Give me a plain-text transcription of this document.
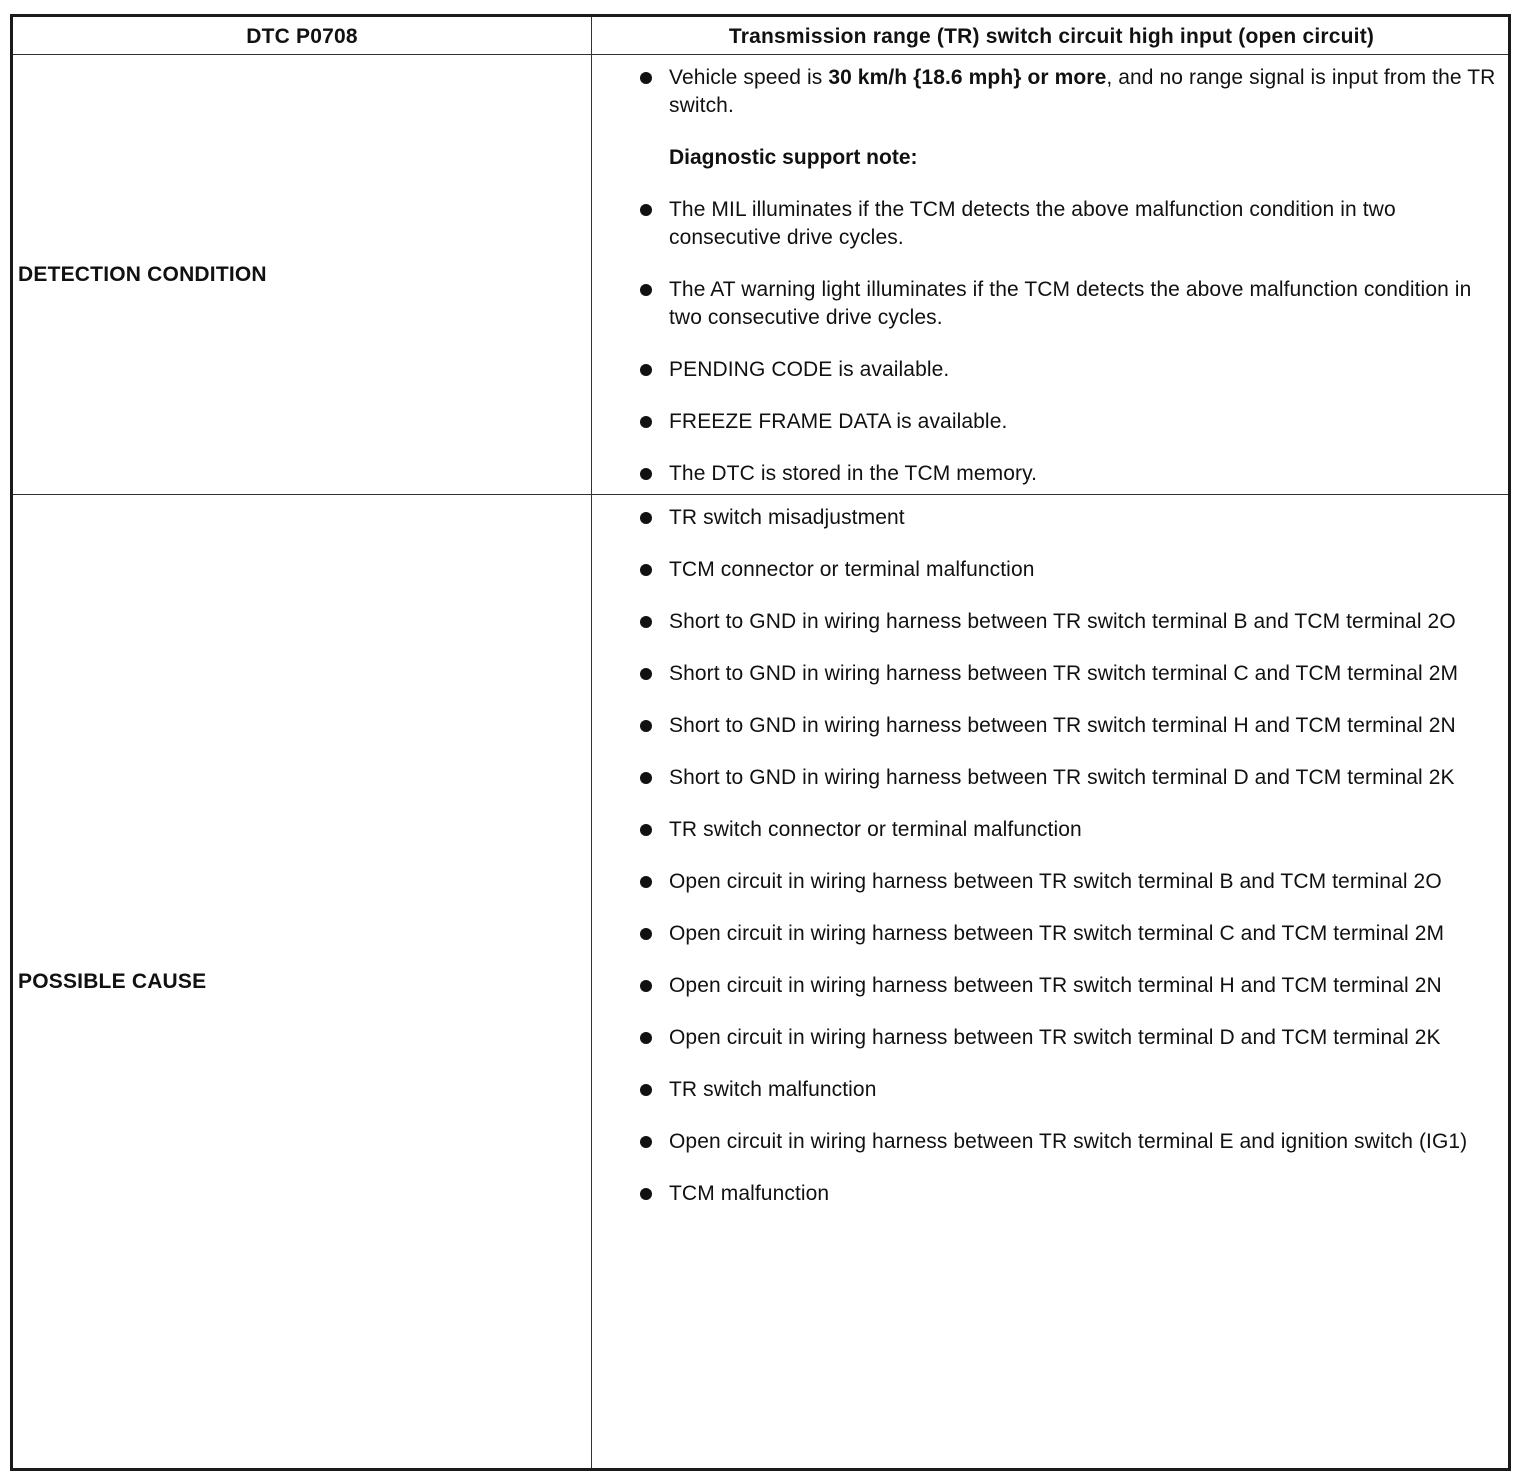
DTC P0708	Transmission range (TR) switch circuit high input (open circuit)
DETECTION CONDITION
POSSIBLE CAUSE
Vehicle speed is 30 km/h {18.6 mph} or more, and no range signal is input from the TR switch.
Diagnostic support note:
The MIL illuminates if the TCM detects the above malfunction condition in two consecutive drive cycles.
The AT warning light illuminates if the TCM detects the above malfunction condition in two consecutive drive cycles.
PENDING CODE is available.
FREEZE FRAME DATA is available.
The DTC is stored in the TCM memory.
TR switch misadjustment
TCM connector or terminal malfunction
Short to GND in wiring harness between TR switch terminal B and TCM terminal 2O
Short to GND in wiring harness between TR switch terminal C and TCM terminal 2M
Short to GND in wiring harness between TR switch terminal H and TCM terminal 2N
Short to GND in wiring harness between TR switch terminal D and TCM terminal 2K
TR switch connector or terminal malfunction
Open circuit in wiring harness between TR switch terminal B and TCM terminal 2O
Open circuit in wiring harness between TR switch terminal C and TCM terminal 2M
Open circuit in wiring harness between TR switch terminal H and TCM terminal 2N
Open circuit in wiring harness between TR switch terminal D and TCM terminal 2K
TR switch malfunction
Open circuit in wiring harness between TR switch terminal E and ignition switch (IG1)
TCM malfunction
